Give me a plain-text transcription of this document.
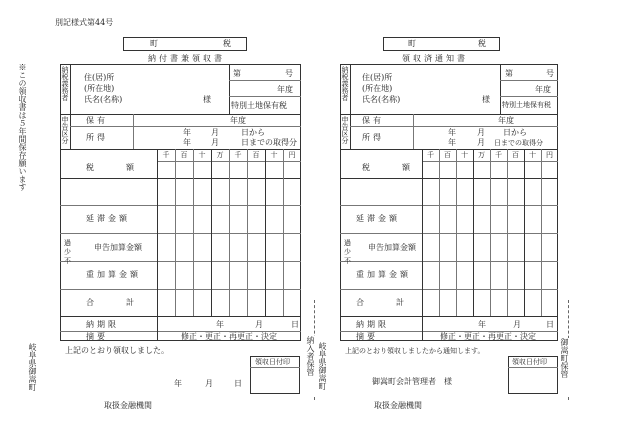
別記様式第44号
※この領収書は５年間保存願います
町	税
納付書兼領収書
納税義務者 住(居)所
(所在地)
氏名(名称)	様
第	号
年度
特別土地保有税
申告区分 保有	年度
所得
年	月	日から
年	月	日までの取得分
税　　　額
千	百	十	万	千	百	十	円
延滞金額
過少不
申告加算金額
重加算金額
合　　　計
納期限	年	月	日
摘要	修正・更正・再更正・決定
上記のとおり領収しました。
領収日付印
年	月	日
取扱金融機関
岐阜県御嵩町	納入者保管 岐阜県御嵩町
町	税
領収済通知書
納税義務者 住(居)所
(所在地)
氏名(名称)	様
第	号
年度
特別土地保有税
申告区分 保有	年度
所得
年	月 日から
年	月 日までの取得分
税　　　額
千	百	十	万	千	百	十	円
延滞金額
過少不
申告加算金額
重加算金額
合　　　計
納期限	年	月	日
摘要	修正・更正・再更正・決定
上記のとおり領収しましたから通知します。
領収日付印
御嵩町会計管理者　様
取扱金融機関
御嵩町保管
